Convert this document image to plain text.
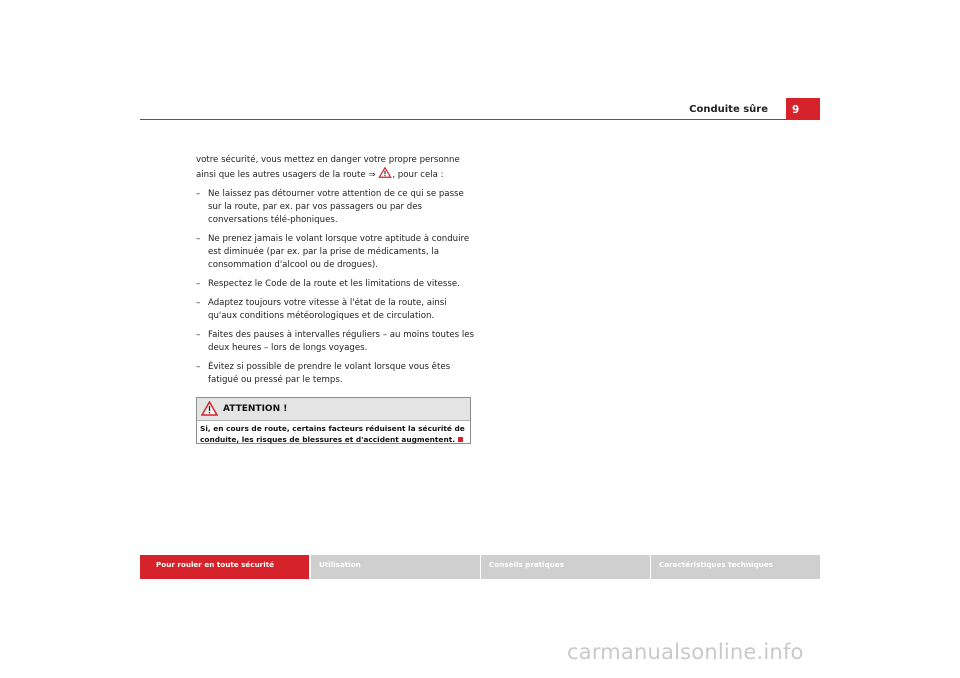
Conduite sûre	9

votre sécurité, vous mettez en danger votre propre personne ainsi que les autres usagers de la route ⇒ , pour cela :

– Ne laissez pas détourner votre attention de ce qui se passe sur la route, par ex. par vos passagers ou par des conversations télé-phoniques.
– Ne prenez jamais le volant lorsque votre aptitude à conduire est diminuée (par ex. par la prise de médicaments, la consommation d'alcool ou de drogues).
– Respectez le Code de la route et les limitations de vitesse.
– Adaptez toujours votre vitesse à l'état de la route, ainsi qu'aux conditions météorologiques et de circulation.
– Faites des pauses à intervalles réguliers – au moins toutes les deux heures – lors de longs voyages.
– Évitez si possible de prendre le volant lorsque vous êtes fatigué ou pressé par le temps.
ATTENTION !
Si, en cours de route, certains facteurs réduisent la sécurité de conduite, les risques de blessures et d'accident augmentent.
Pour rouler en toute sécurité	Utilisation	Conseils pratiques	Caractéristiques techniques
carmanualsonline.info
